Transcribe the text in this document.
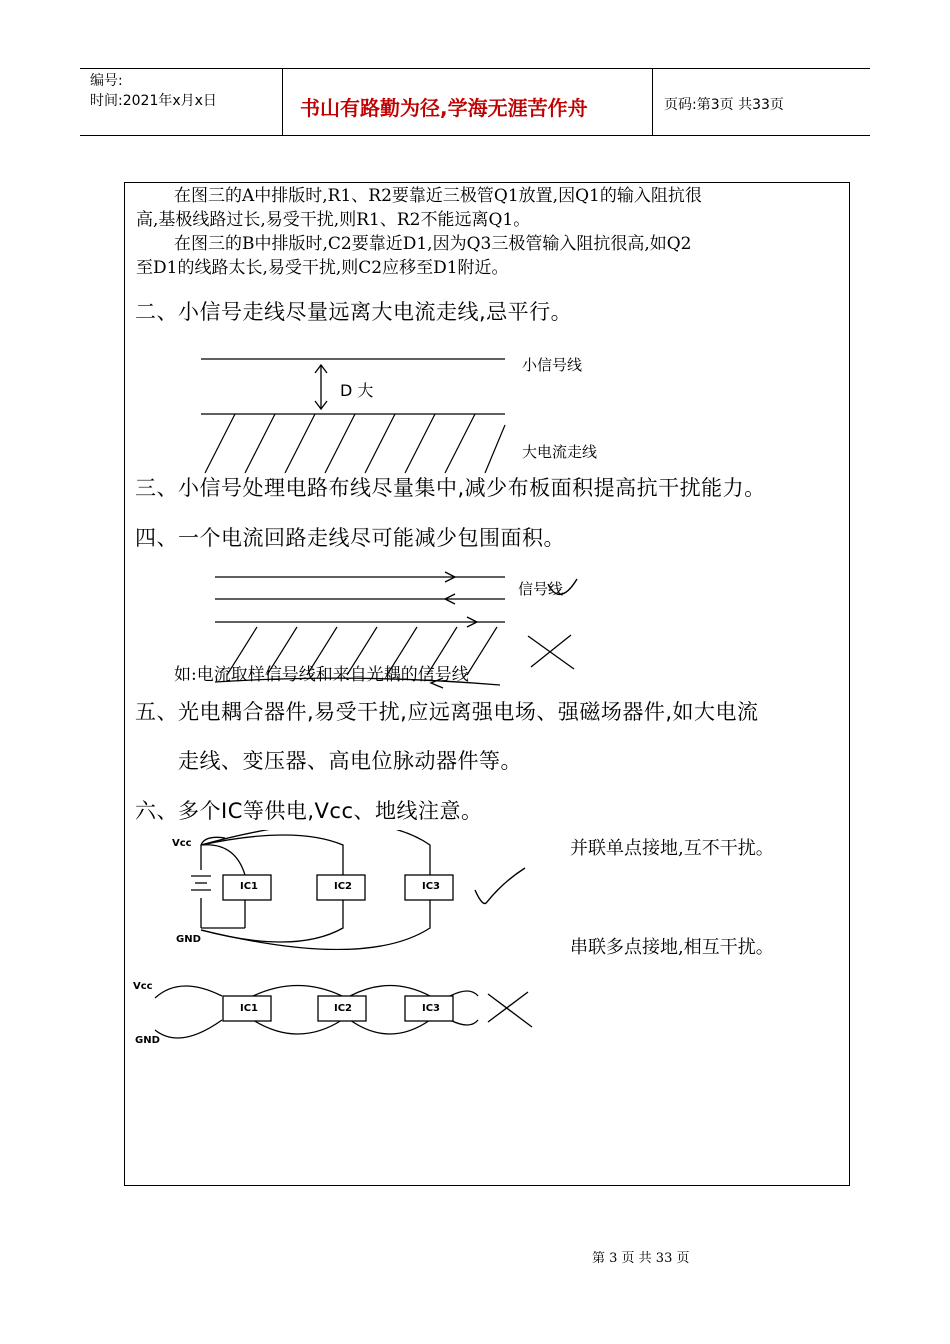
编号:
时间:2021年x月x日	书山有路勤为径,学海无涯苦作舟	页码:第3页 共33页
在图三的A中排版时,R1、R2要靠近三极管Q1放置,因Q1的输入阻抗很
高,基极线路过长,易受干扰,则R1、R2不能远离Q1。
在图三的B中排版时,C2要靠近D1,因为Q3三极管输入阻抗很高,如Q2
至D1的线路太长,易受干扰,则C2应移至D1附近。
二、小信号走线尽量远离大电流走线,忌平行。
小信号线
D 大
大电流走线
三、小信号处理电路布线尽量集中,减少布板面积提高抗干扰能力。
四、一个电流回路走线尽可能减少包围面积。
信号线
如:电流取样信号线和来自光耦的信号线
五、光电耦合器件,易受干扰,应远离强电场、强磁场器件,如大电流
走线、变压器、高电位脉动器件等。
六、多个IC等供电,Vcc、地线注意。
Vcc
GND
IC1	IC2	IC3
并联单点接地,互不干扰。
串联多点接地,相互干扰。
Vcc
GND
IC1	IC2	IC3
第 3 页 共 33 页
